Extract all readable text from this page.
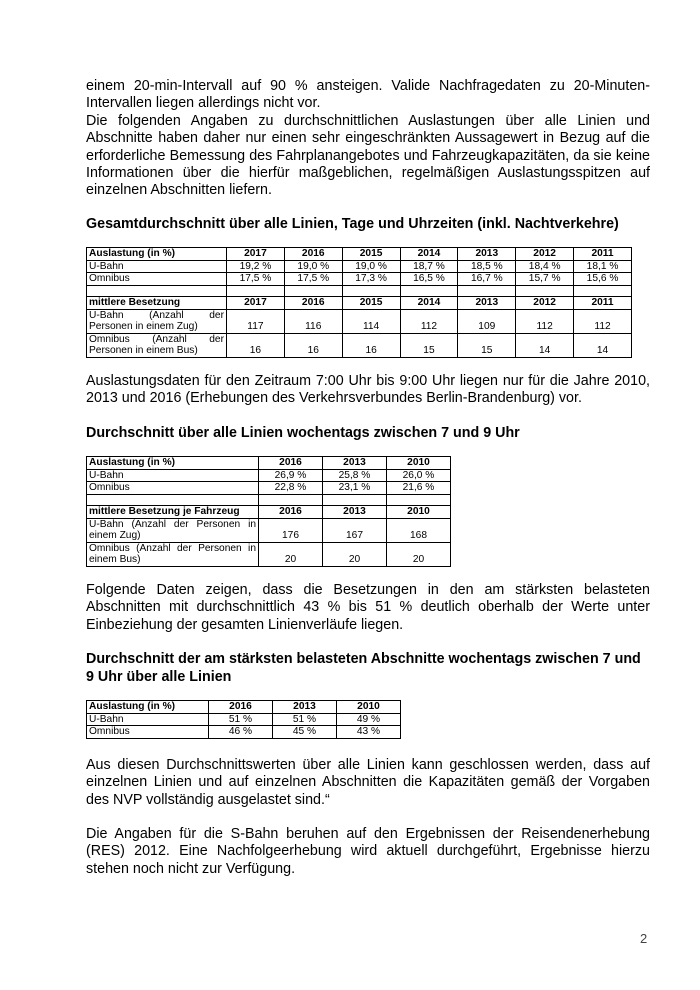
einem 20-min-Intervall auf 90 % ansteigen. Valide Nachfragedaten zu 20-Minuten-Intervallen liegen allerdings nicht vor.

Die folgenden Angaben zu durchschnittlichen Auslastungen über alle Linien und Abschnitte haben daher nur einen sehr eingeschränkten Aussagewert in Bezug auf die erforderliche Bemessung des Fahrplanangebotes und Fahrzeugkapazitäten, da sie keine Informationen über die hierfür maßgeblichen, regelmäßigen Auslastungsspitzen auf einzelnen Abschnitten liefern.

Gesamtdurchschnitt über alle Linien, Tage und Uhrzeiten (inkl. Nachtverkehre)
Auslastung (in %)	2017	2016	2015	2014	2013	2012	2011
U-Bahn	19,2 %	19,0 %	19,0 %	18,7 %	18,5 %	18,4 %	18,1 %
Omnibus	17,5 %	17,5 %	17,3 %	16,5 %	16,7 %	15,7 %	15,6 %

mittlere Besetzung	2017	2016	2015	2014	2013	2012	2011
U-Bahn (Anzahl der Personen in einem Zug)	117	116	114	112	109	112	112
Omnibus (Anzahl der Personen in einem Bus)	16	16	16	15	15	14	14

Auslastungsdaten für den Zeitraum 7:00 Uhr bis 9:00 Uhr liegen nur für die Jahre 2010, 2013 und 2016 (Erhebungen des Verkehrsverbundes Berlin-Brandenburg) vor.

Durchschnitt über alle Linien wochentags zwischen 7 und 9 Uhr
Auslastung (in %)	2016	2013	2010
U-Bahn	26,9 %	25,8 %	26,0 %
Omnibus	22,8 %	23,1 %	21,6 %

mittlere Besetzung je Fahrzeug	2016	2013	2010
U-Bahn (Anzahl der Personen in einem Zug)	176	167	168
Omnibus (Anzahl der Personen in einem Bus)	20	20	20

Folgende Daten zeigen, dass die Besetzungen in den am stärksten belasteten Abschnitten mit durchschnittlich 43 % bis 51 % deutlich oberhalb der Werte unter Einbeziehung der gesamten Linienverläufe liegen.

Durchschnitt der am stärksten belasteten Abschnitte wochentags zwischen 7 und 9 Uhr über alle Linien
Auslastung (in %)	2016	2013	2010
U-Bahn	51 %	51 %	49 %
Omnibus	46 %	45 %	43 %

Aus diesen Durchschnittswerten über alle Linien kann geschlossen werden, dass auf einzelnen Linien und auf einzelnen Abschnitten die Kapazitäten gemäß der Vorgaben des NVP vollständig ausgelastet sind.“

Die Angaben für die S-Bahn beruhen auf den Ergebnissen der Reisendenerhebung (RES) 2012. Eine Nachfolgeerhebung wird aktuell durchgeführt, Ergebnisse hierzu stehen noch nicht zur Verfügung.

2
